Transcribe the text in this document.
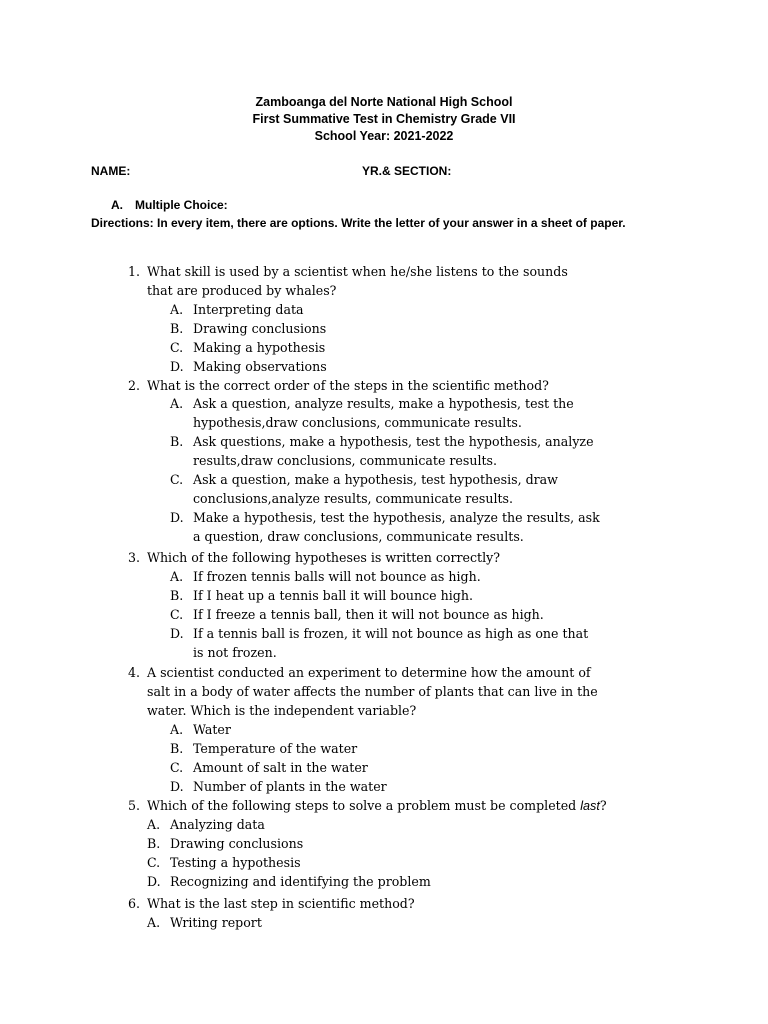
Zamboanga del Norte National High School
First Summative Test in Chemistry Grade VII
School Year: 2021-2022
NAME:	YR.& SECTION:
A. Multiple Choice:
Directions: In every item, there are options. Write the letter of your answer in a sheet of paper.
1. What skill is used by a scientist when he/she listens to the sounds
that are produced by whales?
A. Interpreting data
B. Drawing conclusions
C. Making a hypothesis
D. Making observations
2. What is the correct order of the steps in the scientific method?
A. Ask a question, analyze results, make a hypothesis, test the
hypothesis,draw conclusions, communicate results.
B. Ask questions, make a hypothesis, test the hypothesis, analyze
results,draw conclusions, communicate results.
C. Ask a question, make a hypothesis, test hypothesis, draw
conclusions,analyze results, communicate results.
D. Make a hypothesis, test the hypothesis, analyze the results, ask
a question, draw conclusions, communicate results.
3. Which of the following hypotheses is written correctly?
A. If frozen tennis balls will not bounce as high.
B. If I heat up a tennis ball it will bounce high.
C. If I freeze a tennis ball, then it will not bounce as high.
D. If a tennis ball is frozen, it will not bounce as high as one that
is not frozen.
4. A scientist conducted an experiment to determine how the amount of
salt in a body of water affects the number of plants that can live in the
water. Which is the independent variable?
A. Water
B. Temperature of the water
C. Amount of salt in the water
D. Number of plants in the water
5. Which of the following steps to solve a problem must be completed last?
A. Analyzing data
B. Drawing conclusions
C. Testing a hypothesis
D. Recognizing and identifying the problem
6. What is the last step in scientific method?
A. Writing report
